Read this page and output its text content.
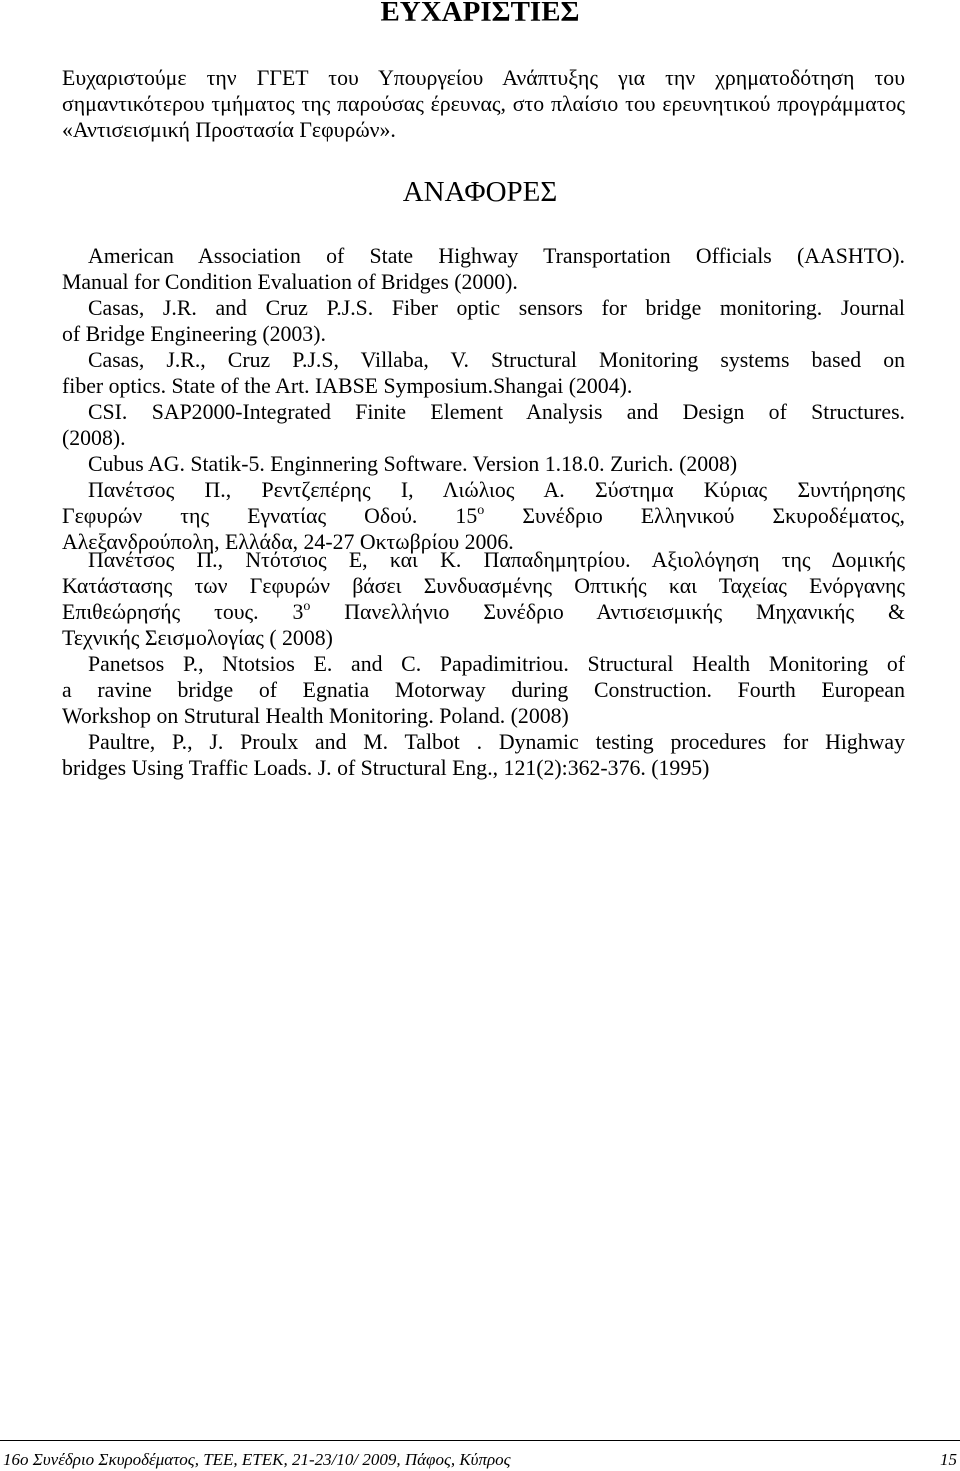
ΕΥΧΑΡΙΣΤΙΕΣ

Ευχαριστούμε την ΓΓΕΤ του Υπουργείου Ανάπτυξης για την χρηματοδότηση του σημαντικότερου τμήματος της παρούσας έρευνας, στο πλαίσιο του ερευνητικού προγράμματος «Αντισεισμική Προστασία Γεφυρών».

ΑΝΑΦΟΡΕΣ
American Association of State Highway Transportation Officials (AASHTO).
Manual for Condition Evaluation of Bridges (2000).
Casas, J.R. and Cruz P.J.S. Fiber optic sensors for bridge monitoring. Journal
of Bridge Engineering (2003).
Casas, J.R., Cruz P.J.S, Villaba, V. Structural Monitoring systems based on
fiber optics. State of the Art. IABSE Symposium.Shangai (2004).
CSI. SAP2000-Integrated Finite Element Analysis and Design of Structures.
(2008).
Cubus AG. Statik-5. Enginnering Software. Version 1.18.0. Zurich. (2008)
Πανέτσος Π., Ρεντζεπέρης Ι, Λιώλιος Α. Σύστημα Κύριας Συντήρησης
Γεφυρών της Εγνατίας Οδού. $15^o$ Συνέδριο Ελληνικού Σκυροδέματος,
Αλεξανδρούπολη, Ελλάδα, 24-27 Οκτωβρίου 2006.
Πανέτσος Π., Ντότσιος Ε, και Κ. Παπαδημητρίου. Αξιολόγηση της Δομικής
Κατάστασης των Γεφυρών βάσει Συνδυασμένης Οπτικής και Ταχείας Ενόργανης
Επιθεώρησής τους. $3^o$ Πανελλήνιο Συνέδριο Αντισεισμικής Μηχανικής &
Τεχνικής Σεισμολογίας ( 2008)
Panetsos P., Ntotsios E. and C. Papadimitriou. Structural Health Monitoring of
a ravine bridge of Egnatia Motorway during Construction. Fourth European
Workshop on Strutural Health Monitoring. Poland. (2008)
Paultre, P., J. Proulx and M. Talbot . Dynamic testing procedures for Highway
bridges Using Traffic Loads. J. of Structural Eng., 121(2):362-376. (1995)
16ο Συνέδριο Σκυροδέματος, ΤΕΕ, ΕΤΕΚ, 21-23/10/ 2009, Πάφος, Κύπρος	15
